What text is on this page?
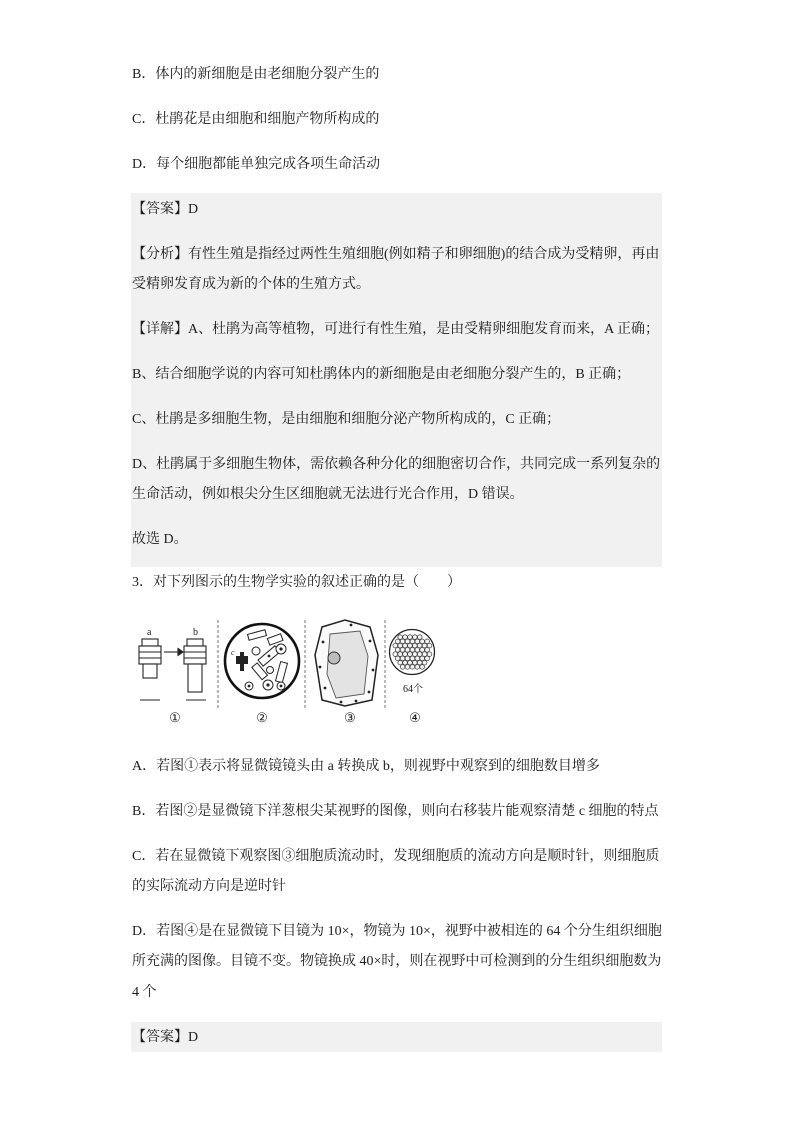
B．体内的新细胞是由老细胞分裂产生的
C．杜鹃花是由细胞和细胞产物所构成的
D．每个细胞都能单独完成各项生命活动
【答案】D
【分析】有性生殖是指经过两性生殖细胞(例如精子和卵细胞)的结合成为受精卵，再由
受精卵发育成为新的个体的生殖方式。
【详解】A、杜鹃为高等植物，可进行有性生殖，是由受精卵细胞发育而来，A 正确；
B、结合细胞学说的内容可知杜鹃体内的新细胞是由老细胞分裂产生的，B 正确；
C、杜鹃是多细胞生物，是由细胞和细胞分泌产物所构成的，C 正确；
D、杜鹃属于多细胞生物体，需依赖各种分化的细胞密切合作，共同完成一系列复杂的
生命活动，例如根尖分生区细胞就无法进行光合作用，D 错误。
故选 D。
3．对下列图示的生物学实验的叙述正确的是（　　）
a	b
①
c
②	③
64个
④
A．若图①表示将显微镜镜头由 a 转换成 b，则视野中观察到的细胞数目增多
B．若图②是显微镜下洋葱根尖某视野的图像，则向右移装片能观察清楚 c 细胞的特点
C．若在显微镜下观察图③细胞质流动时，发现细胞质的流动方向是顺时针，则细胞质
的实际流动方向是逆时针
D．若图④是在显微镜下目镜为 10×，物镜为 10×，视野中被相连的 64 个分生组织细胞
所充满的图像。目镜不变。物镜换成 40×时，则在视野中可检测到的分生组织细胞数为
4 个
【答案】D
